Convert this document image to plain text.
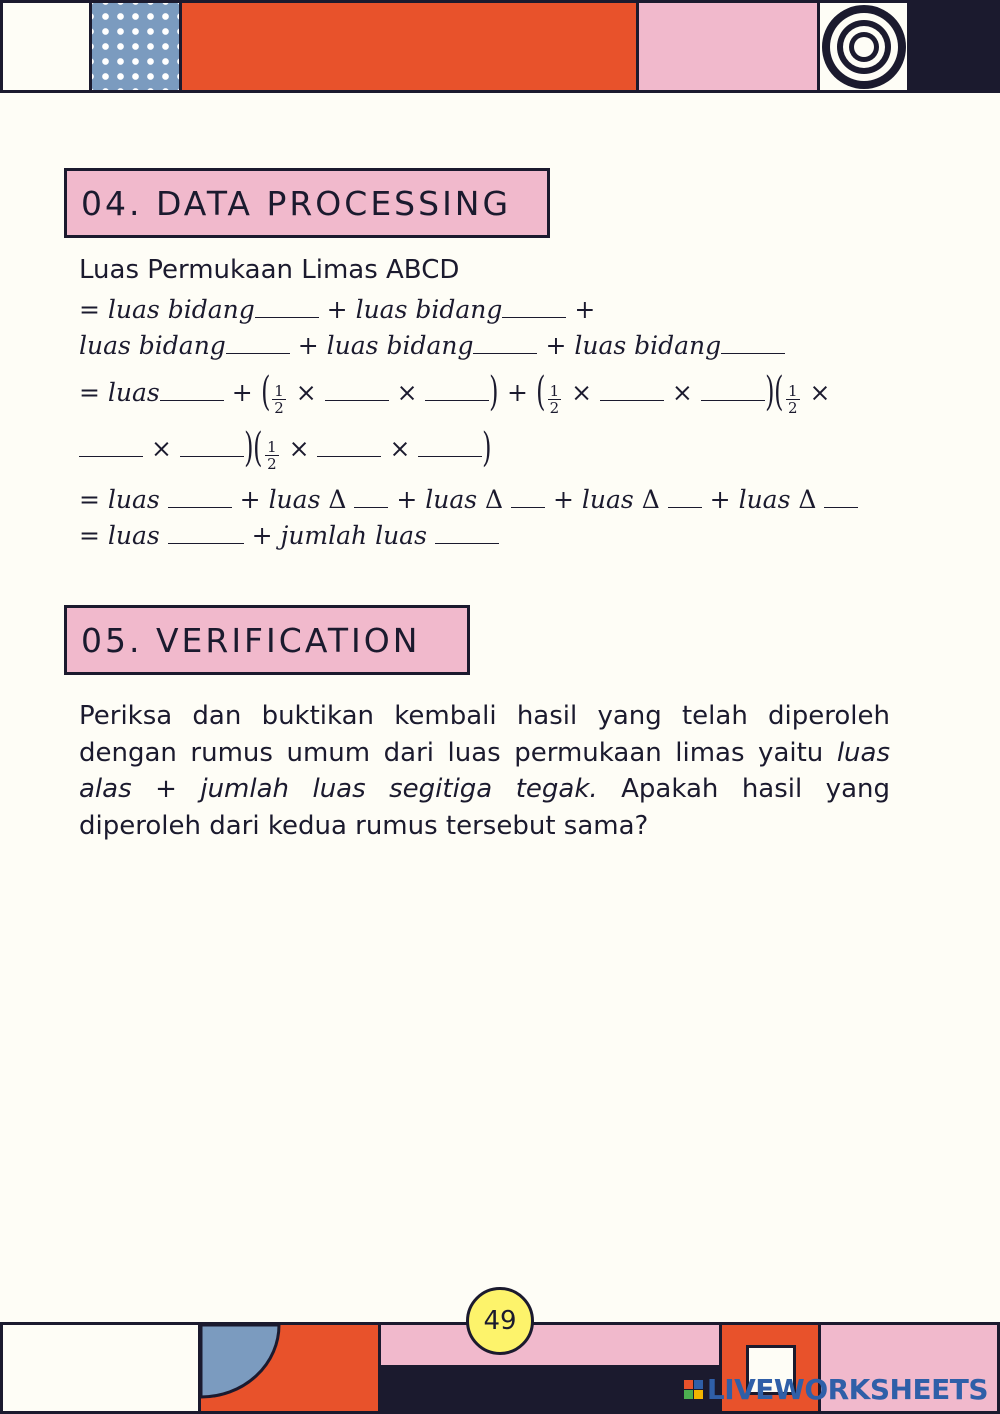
04. DATA PROCESSING
Luas Permukaan Limas ABCD
= luas bidang	+ luas bidang	+
luas bidang	+ luas bidang	+ luas bidang
= luas	+ ( $\frac{1}{2}$ ×	× ) + ( $\frac{1}{2}$ ×	× )( $\frac{1}{2}$ ×
× )( $\frac{1}{2}$ ×	× )
= luas	+ luas Δ + luas Δ + luas Δ + luas Δ
= luas	+ jumlah luas
05. VERIFICATION
Periksa dan buktikan kembali hasil yang telah diperoleh dengan rumus umum dari luas permukaan limas yaitu luas alas + jumlah luas segitiga tegak. Apakah hasil yang diperoleh dari kedua rumus tersebut sama?
49
LIVEWORKSHEETS
